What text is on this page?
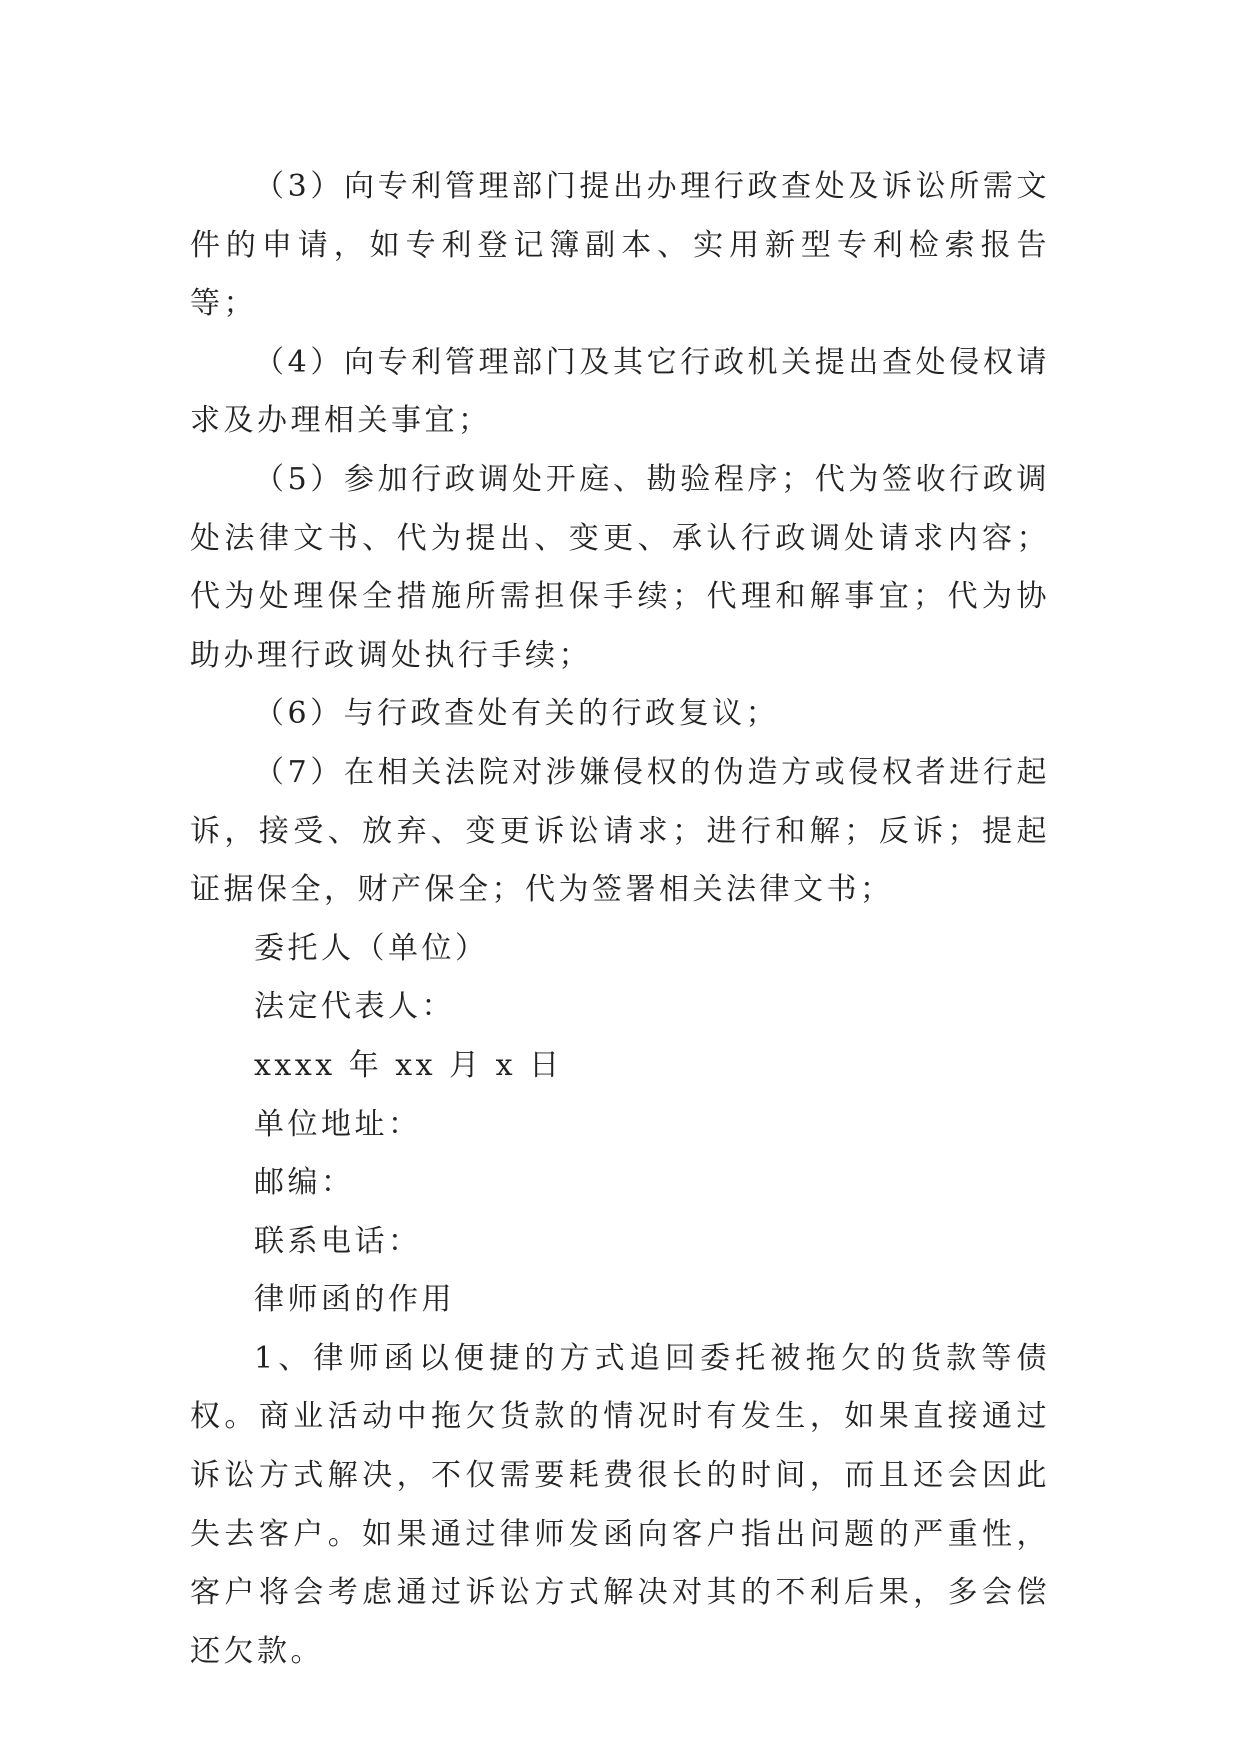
（3）向专利管理部门提出办理行政查处及诉讼所需文件的申请，如专利登记簿副本、实用新型专利检索报告等；

（4）向专利管理部门及其它行政机关提出查处侵权请求及办理相关事宜；

（5）参加行政调处开庭、勘验程序；代为签收行政调处法律文书、代为提出、变更、承认行政调处请求内容；代为处理保全措施所需担保手续；代理和解事宜；代为协助办理行政调处执行手续；

（6）与行政查处有关的行政复议；

（7）在相关法院对涉嫌侵权的伪造方或侵权者进行起诉，接受、放弃、变更诉讼请求；进行和解；反诉；提起证据保全，财产保全；代为签署相关法律文书；

委托人（单位）

法定代表人：

xxxx 年 xx 月 x 日

单位地址：

邮编：

联系电话：

律师函的作用

1、律师函以便捷的方式追回委托被拖欠的货款等债权。商业活动中拖欠货款的情况时有发生，如果直接通过诉讼方式解决，不仅需要耗费很长的时间，而且还会因此失去客户。如果通过律师发函向客户指出问题的严重性，客户将会考虑通过诉讼方式解决对其的不利后果，多会偿还欠款。
